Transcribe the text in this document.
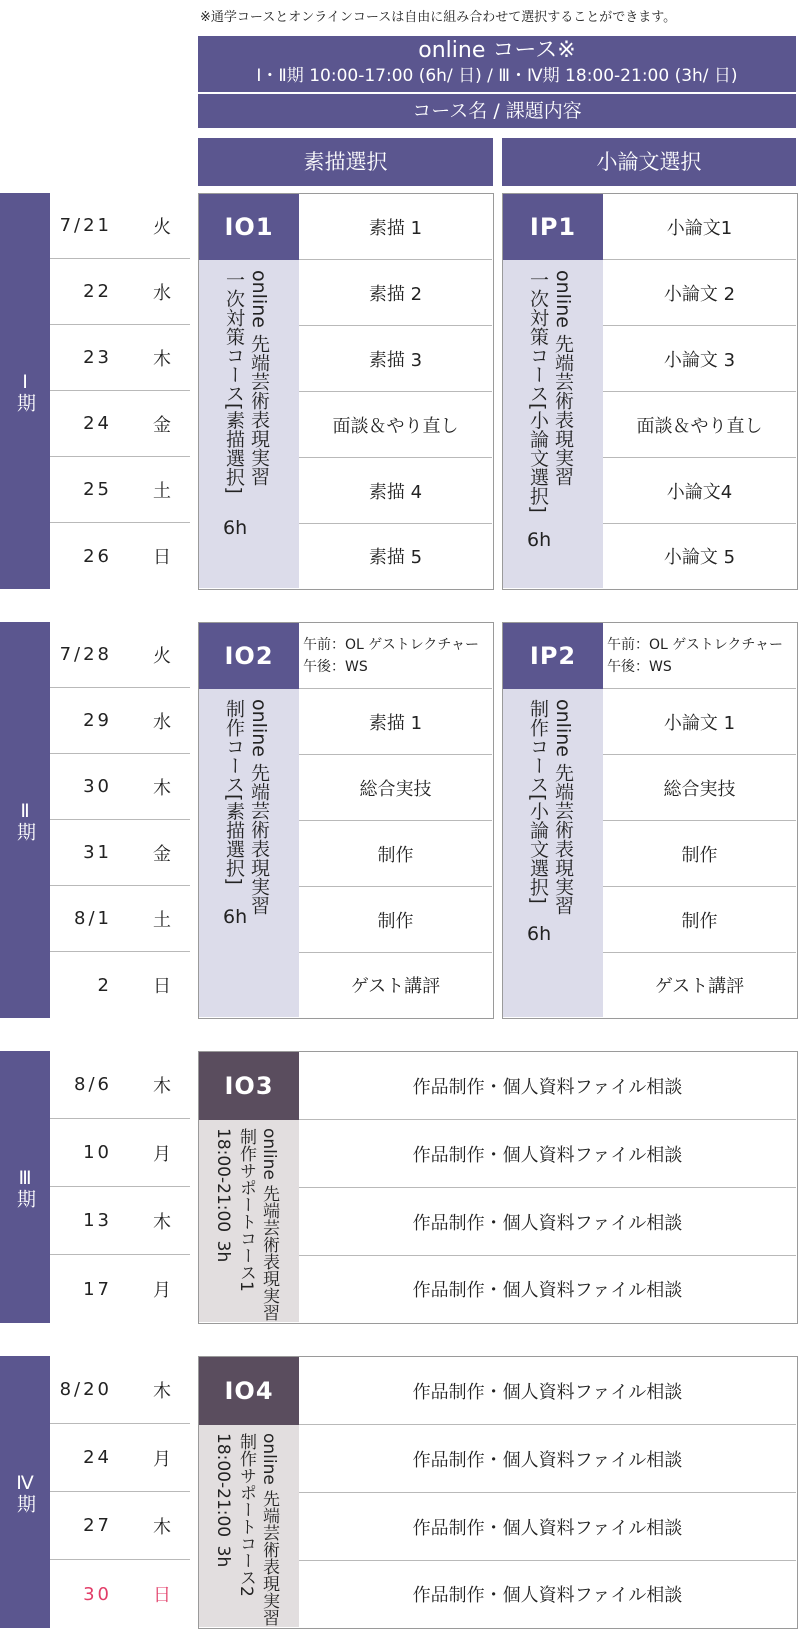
※通学コースとオンラインコースは自由に組み合わせて選択することができます。
online コース※
Ⅰ・Ⅱ期 10:00-17:00 (6h/ 日) / Ⅲ・Ⅳ期 18:00-21:00 (3h/ 日)
コース名 / 課題内容
素描選択	小論文選択
Ⅰ期
7/21 火
22 水
23 木
24 金
25 土
26 日
IO1
online 先端芸術表現実習
一次対策コース[素描選択]
6h
素描 1
素描 2
素描 3
面談＆やり直し
素描 4
素描 5
IP1
online 先端芸術表現実習
一次対策コース[小論文選択]
6h
小論文1
小論文 2
小論文 3
面談＆やり直し
小論文4
小論文 5
Ⅱ期
7/28 火
29 水
30 木
31 金
8/1 土
2 日
IO2
online 先端芸術表現実習
制作コース[素描選択]
6h
午前：OL ゲストレクチャー
午後：WS
素描 1
総合実技
制作
制作
ゲスト講評
IP2
online 先端芸術表現実習
制作コース[小論文選択]
6h
午前：OL ゲストレクチャー
午後：WS
小論文 1
総合実技
制作
制作
ゲスト講評
Ⅲ期
8/6 木
10 月
13 木
17 月
IO3
online 先端芸術表現実習
制作サポートコース1
18:00-21:00 3h
作品制作・個人資料ファイル相談
作品制作・個人資料ファイル相談
作品制作・個人資料ファイル相談
作品制作・個人資料ファイル相談
Ⅳ期
8/20 木
24 月
27 木
30 日
IO4
online 先端芸術表現実習
制作サポートコース2
18:00-21:00 3h
作品制作・個人資料ファイル相談
作品制作・個人資料ファイル相談
作品制作・個人資料ファイル相談
作品制作・個人資料ファイル相談
